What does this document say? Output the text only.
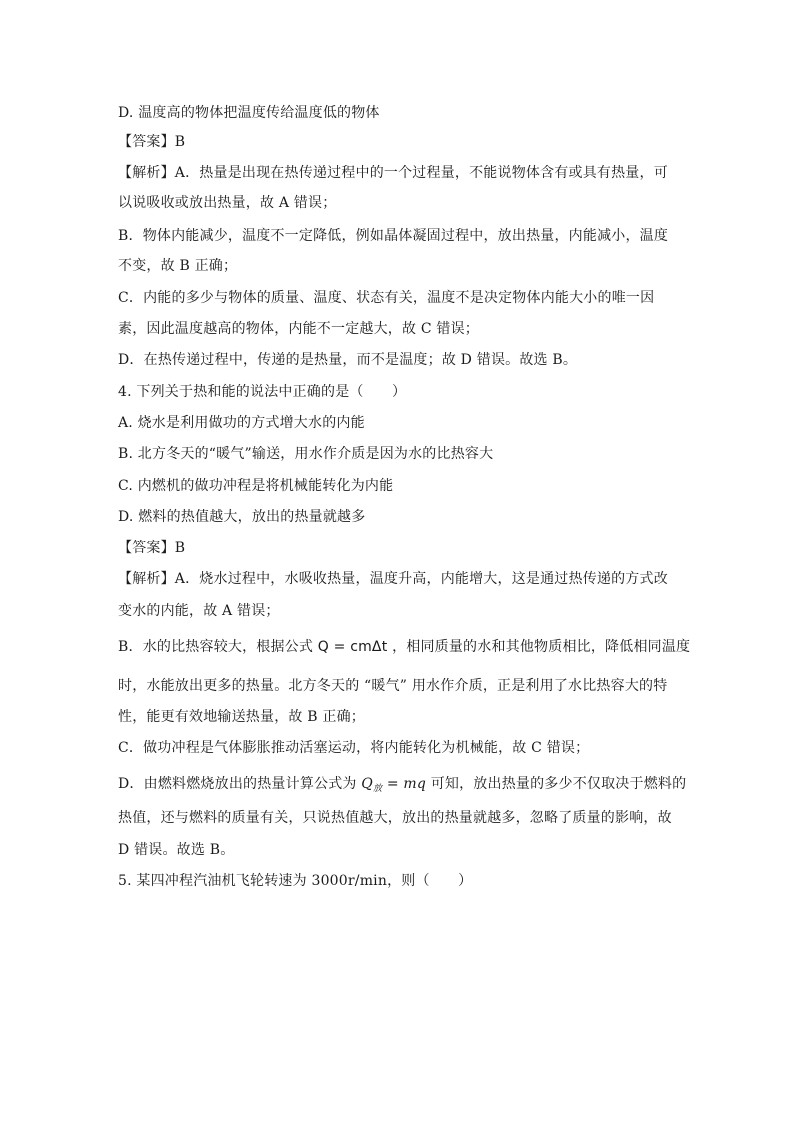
D. 温度高的物体把温度传给温度低的物体
【答案】B
【解析】A．热量是出现在热传递过程中的一个过程量，不能说物体含有或具有热量，可
以说吸收或放出热量，故 A 错误；
B．物体内能减少，温度不一定降低，例如晶体凝固过程中，放出热量，内能减小，温度
不变，故 B 正确；
C．内能的多少与物体的质量、温度、状态有关，温度不是决定物体内能大小的唯一因
素，因此温度越高的物体，内能不一定越大，故 C 错误；
D．在热传递过程中，传递的是热量，而不是温度；故 D 错误。故选 B。
4. 下列关于热和能的说法中正确的是（　　）
A. 烧水是利用做功的方式增大水的内能
B. 北方冬天的“暖气”输送，用水作介质是因为水的比热容大
C. 内燃机的做功冲程是将机械能转化为内能
D. 燃料的热值越大，放出的热量就越多
【答案】B
【解析】A．烧水过程中，水吸收热量，温度升高，内能增大，这是通过热传递的方式改
变水的内能，故 A 错误；
B．水的比热容较大，根据公式 Q = cmΔt ，相同质量的水和其他物质相比，降低相同温度
时，水能放出更多的热量。北方冬天的 “暖气” 用水作介质，正是利用了水比热容大的特
性，能更有效地输送热量，故 B 正确；
C．做功冲程是气体膨胀推动活塞运动，将内能转化为机械能，故 C 错误；
D．由燃料燃烧放出的热量计算公式为 $Q_放$ = mq 可知，放出热量的多少不仅取决于燃料的
热值，还与燃料的质量有关，只说热值越大，放出的热量就越多，忽略了质量的影响，故
D 错误。故选 B。
5. 某四冲程汽油机飞轮转速为 3000r/min，则（　　）
